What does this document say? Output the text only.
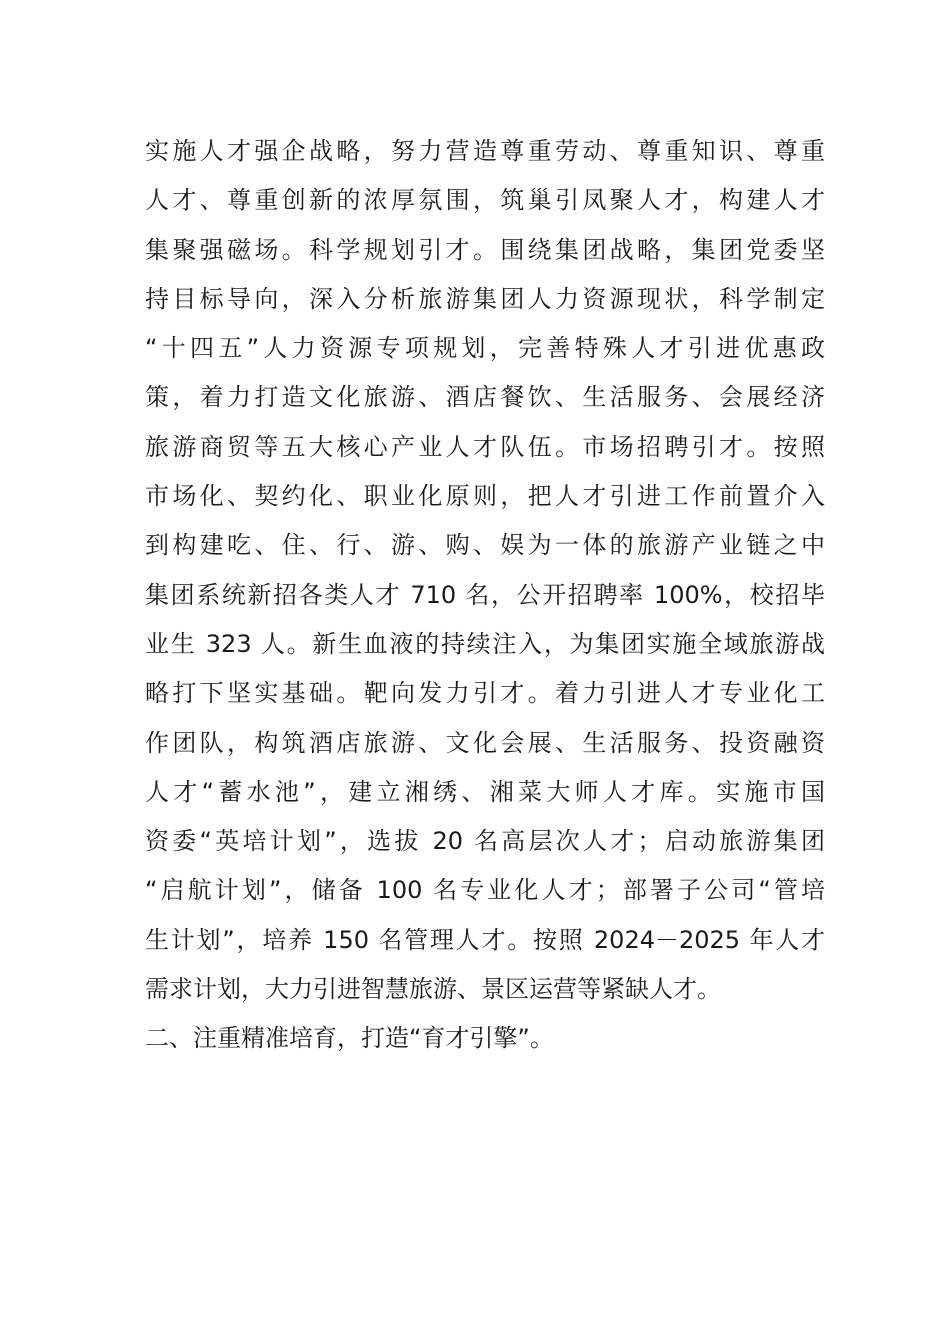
实施人才强企战略，努力营造尊重劳动、尊重知识、尊重
人才、尊重创新的浓厚氛围，筑巢引凤聚人才，构建人才
集聚强磁场。科学规划引才。围绕集团战略，集团党委坚
持目标导向，深入分析旅游集团人力资源现状，科学制定
“十四五”人力资源专项规划，完善特殊人才引进优惠政
策，着力打造文化旅游、酒店餐饮、生活服务、会展经济
旅游商贸等五大核心产业人才队伍。市场招聘引才。按照
市场化、契约化、职业化原则，把人才引进工作前置介入
到构建吃、住、行、游、购、娱为一体的旅游产业链之中
集团系统新招各类人才 710 名，公开招聘率 100%，校招毕
业生 323 人。新生血液的持续注入，为集团实施全域旅游战
略打下坚实基础。靶向发力引才。着力引进人才专业化工
作团队，构筑酒店旅游、文化会展、生活服务、投资融资
人才“蓄水池”，建立湘绣、湘菜大师人才库。实施市国
资委“英培计划”，选拔 20 名高层次人才；启动旅游集团
“启航计划”，储备 100 名专业化人才；部署子公司“管培
生计划”，培养 150 名管理人才。按照 2024－2025 年人才
需求计划，大力引进智慧旅游、景区运营等紧缺人才。
二、注重精准培育，打造“育才引擎”。
